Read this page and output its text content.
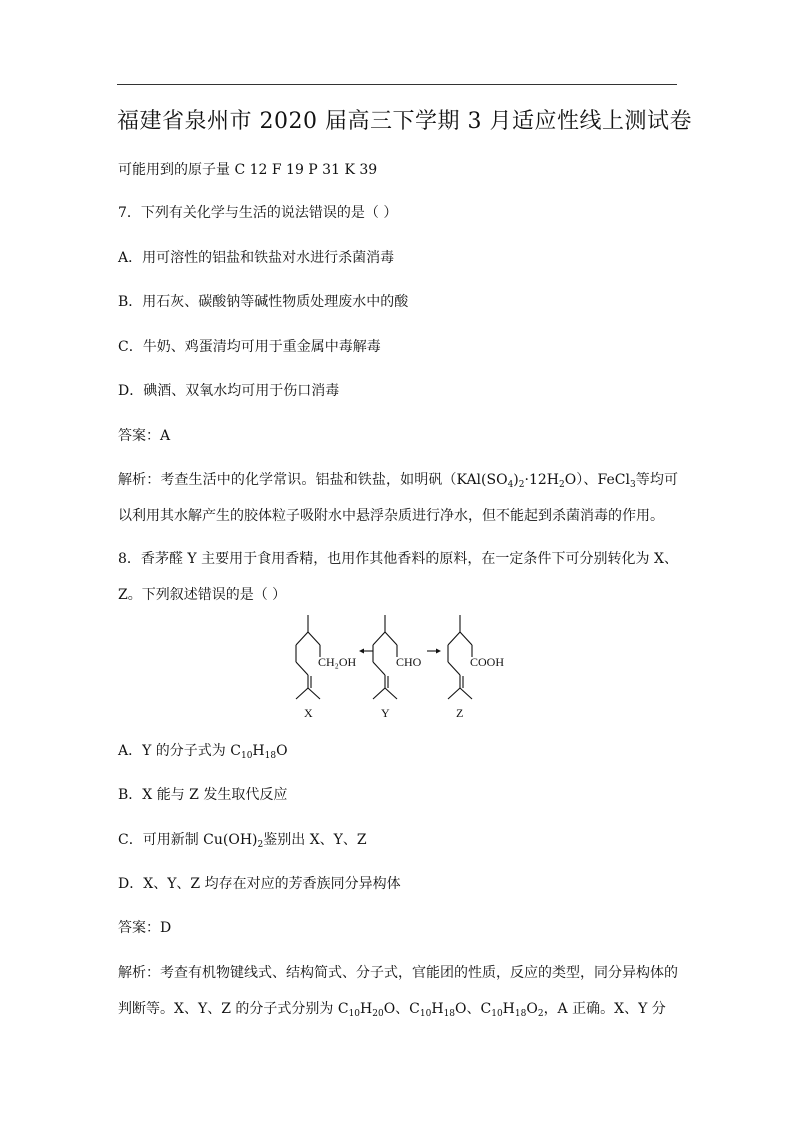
福建省泉州市 2020 届高三下学期 3 月适应性线上测试卷
可能用到的原子量 C 12 F 19 P 31 K 39
7．下列有关化学与生活的说法错误的是（ ）
A．用可溶性的铝盐和铁盐对水进行杀菌消毒
B．用石灰、碳酸钠等碱性物质处理废水中的酸
C．牛奶、鸡蛋清均可用于重金属中毒解毒
D．碘酒、双氧水均可用于伤口消毒
答案：A
解析：考查生活中的化学常识。铝盐和铁盐，如明矾$(KAl(SO_4)_2\cdot 12H_2O)$、FeCl$_3$等均可以利用其水解产生的胶体粒子吸附水中悬浮杂质进行净水，但不能起到杀菌消毒的作用。
8．香茅醛 Y 主要用于食用香精，也用作其他香料的原料，在一定条件下可分别转化为 X、Z。下列叙述错误的是（ ）
CH₂OH
X
CHO
Y
COOH
Z
A．Y 的分子式为 $C_{10}H_{18}O$
B．X 能与 Z 发生取代反应
C．可用新制 $Cu(OH)_2$鉴别出 X、Y、Z
D．X、Y、Z 均存在对应的芳香族同分异构体
答案：D
解析：考查有机物键线式、结构简式、分子式，官能团的性质，反应的类型，同分异构体的判断等。X、Y、Z 的分子式分别为 $C_{10}H_{20}O$、$C_{10}H_{18}O$、$C_{10}H_{18}O_2$，A 正确。X、Y 分
